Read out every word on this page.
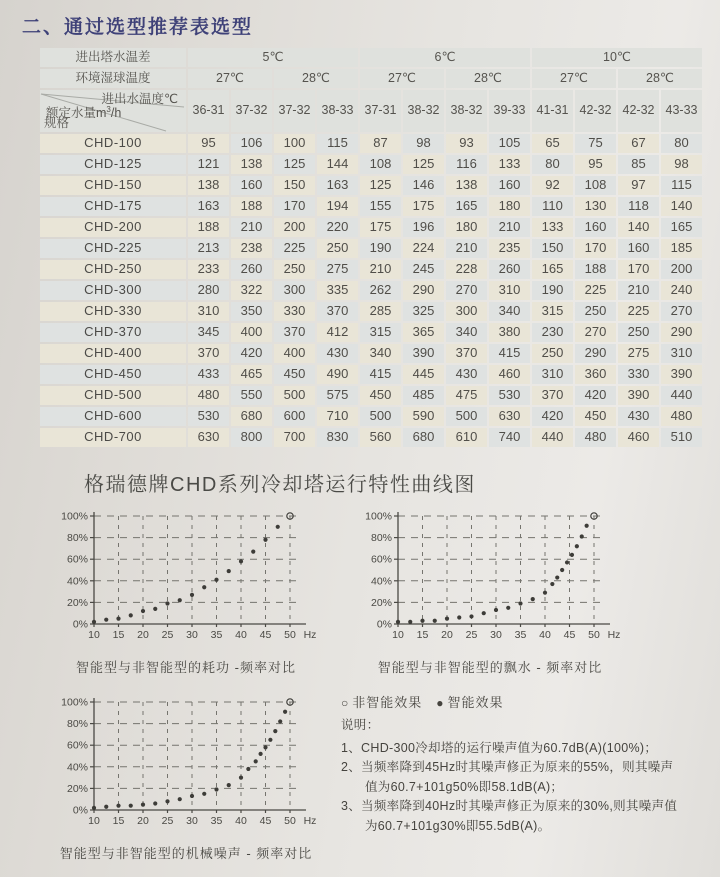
二、通过选型推荐表选型
进出塔水温差	5℃				6℃				10℃			
环境湿球温度	27℃		28℃		27℃		28℃		27℃		28℃	

进出水温度℃
额定水量$m^3/h$
规格	36-31	37-32	37-32	38-33	37-31	38-32	38-32	39-33	41-31	42-32	42-32	43-33
CHD-100	95	106	100	115	87	98	93	105	65	75	67	80
CHD-125	121	138	125	144	108	125	116	133	80	95	85	98
CHD-150	138	160	150	163	125	146	138	160	92	108	97	115
CHD-175	163	188	170	194	155	175	165	180	110	130	118	140
CHD-200	188	210	200	220	175	196	180	210	133	160	140	165
CHD-225	213	238	225	250	190	224	210	235	150	170	160	185
CHD-250	233	260	250	275	210	245	228	260	165	188	170	200
CHD-300	280	322	300	335	262	290	270	310	190	225	210	240
CHD-330	310	350	330	370	285	325	300	340	315	250	225	270
CHD-370	345	400	370	412	315	365	340	380	230	270	250	290
CHD-400	370	420	400	430	340	390	370	415	250	290	275	310
CHD-450	433	465	450	490	415	445	430	460	310	360	330	390
CHD-500	480	550	500	575	450	485	475	530	370	420	390	440
CHD-600	530	680	600	710	500	590	500	630	420	450	430	480
CHD-700	630	800	700	830	560	680	610	740	440	480	460	510
格瑞德牌CHD系列冷却塔运行特性曲线图
0%
20%
40%
60%
80%
100%
10 15 20 25 30 35 40 45 50 Hz
智能型与非智能型的耗功 -频率对比
0%
20%
40%
60%
80%
100%
10 15 20 25 30 35 40 45 50 Hz
智能型与非智能型的飘水 - 频率对比
0%
20%
40%
60%
80%
100%
10 15 20 25 30 35 40 45 50 Hz
智能型与非智能型的机械噪声 - 频率对比
○ 非智能效果 ● 智能效果
说明：
1、CHD-300冷却塔的运行噪声值为60.7dB(A)(100%)；
2、当频率降到45Hz时其噪声修正为原来的55%，则其噪声
值为60.7+101g50%即58.1dB(A)；
3、当频率降到40Hz时其噪声修正为原来的30%,则其噪声值
为60.7+101g30%即55.5dB(A)。
